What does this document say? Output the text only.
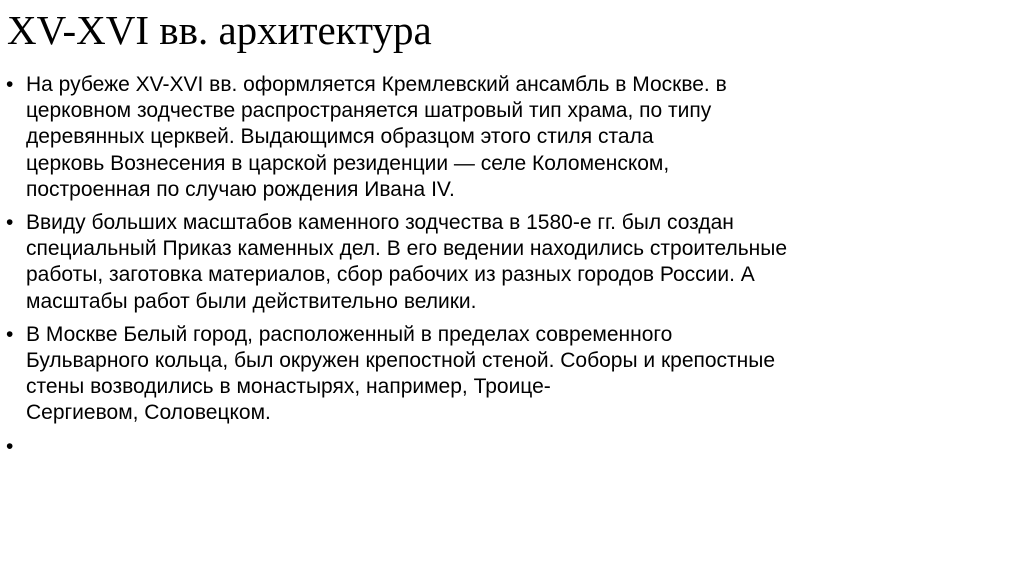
XV-XVI вв. архитектура
• На рубеже XV-XVI вв. оформляется Кремлевский ансамбль в Москве. в
церковном зодчестве распространяется шатровый тип храма, по типу
деревянных церквей. Выдающимся образцом этого стиля стала
церковь Вознесения в царской резиденции — селе Коломенском,
построенная по случаю рождения Ивана IV.
• Ввиду больших масштабов каменного зодчества в 1580-е гг. был создан
специальный Приказ каменных дел. В его ведении находились строительные
работы, заготовка материалов, сбор рабочих из разных городов России. А
масштабы работ были действительно велики.
• В Москве Белый город, расположенный в пределах современного
Бульварного кольца, был окружен крепостной стеной. Соборы и крепостные
стены возводились в монастырях, например, Троице-
Сергиевом, Соловецком.
•
